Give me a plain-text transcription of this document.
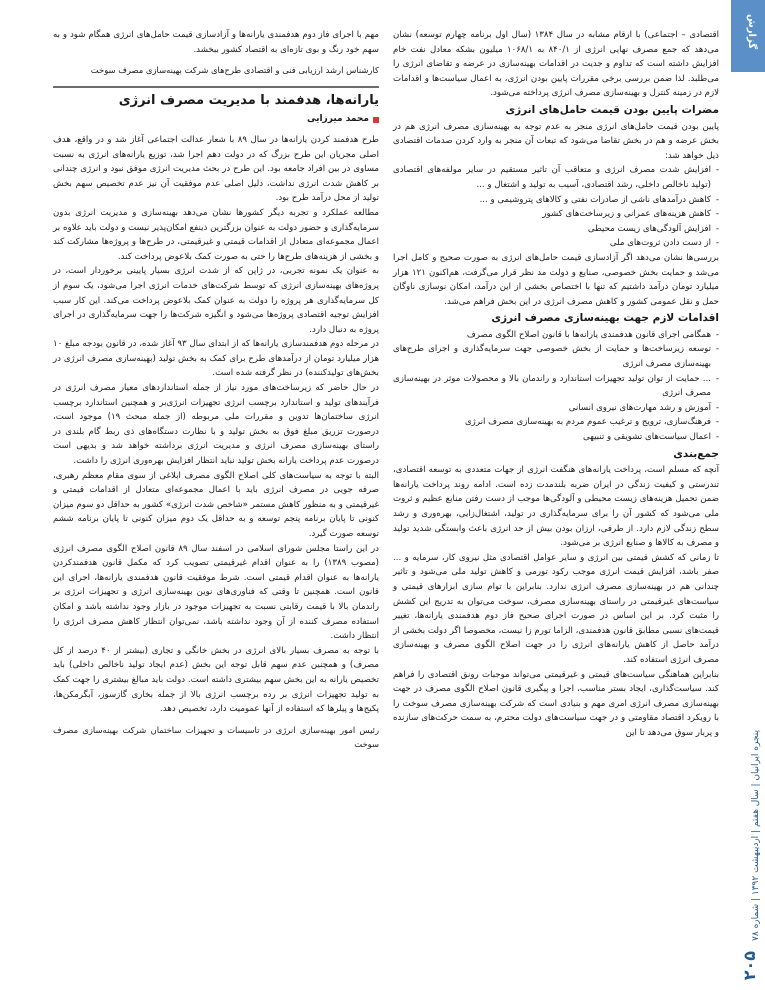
گزارش
پنجره ایرانیان | سال هفتم | اردیبهشت ۱۳۹۲ | شماره ۷۸
۲۰۵

اقتصادی – اجتماعی) با ارقام مشابه در سال ۱۳۸۴ (سال اول برنامه چهارم توسعه) نشان می‌دهد که جمع مصرف نهایی انرژی از ۸۴۰/۱ به ۱۰۶۸/۱ میلیون بشکه معادل نفت خام افزایش داشته است که تداوم و جدیت در اقدامات بهینه‌سازی در عرضه و تقاضای انرژی را می‌طلبد. لذا ضمن بررسی برخی مقررات پایین بودن انرژی، به اعمال سیاست‌ها و اقدامات لازم در زمینه کنترل و بهینه‌سازی مصرف انرژی پرداخته می‌شود.

مضرات پایین بودن قیمت حامل‌های انرژی

پایین بودن قیمت حامل‌های انرژی منجر به عدم توجه به بهینه‌سازی مصرف انرژی هم در بخش عرضه و هم در بخش تقاضا می‌شود که تبعات آن منجر به وارد کردن صدمات اقتصادی ذیل خواهد شد:

- افزایش شدت مصرف انرژی و متعاقب آن تاثیر مستقیم در سایر مولفه‌های اقتصادی (تولید ناخالص داخلی، رشد اقتصادی، آسیب به تولید و اشتغال و ...
- کاهش درآمدهای ناشی از صادرات نفتی و کالاهای پتروشیمی و ...
- کاهش هزینه‌های عمرانی و زیرساخت‌های کشور
- افزایش آلودگی‌های زیست محیطی
- از دست دادن ثروت‌های ملی

بررسی‌ها نشان می‌دهد اگر آزادسازی قیمت حامل‌های انرژی به صورت صحیح و کامل اجرا می‌شد و حمایت بخش خصوصی، صنایع و دولت مد نظر قرار می‌گرفت، هم‌اکنون ۱۲۱ هزار میلیارد تومان درآمد داشتیم که تنها با اختصاص بخشی از این درآمد، امکان نوسازی ناوگان حمل و نقل عمومی کشور و کاهش مصرف انرژی در این بخش فراهم می‌شد.

اقدامات لازم جهت بهینه‌سازی مصرف انرژی
- همگامی اجرای قانون هدفمندی یارانه‌ها با قانون اصلاح الگوی مصرف
- توسعه زیرساخت‌ها و حمایت از بخش خصوصی جهت سرمایه‌گذاری و اجرای طرح‌های بهینه‌سازی مصرف انرژی
- ... حمایت از توان تولید تجهیزات استاندارد و راندمان بالا و محصولات موثر در بهینه‌سازی مصرف انرژی
- آموزش و رشد مهارت‌های نیروی انسانی
- فرهنگ‌سازی، ترویج و ترغیب عموم مردم به بهینه‌سازی مصرف انرژی
- اعمال سیاست‌های تشویقی و تنبیهی
جمع‌بندی

آنچه که مسلم است، پرداخت یارانه‌های هنگفت انرژی از جهات متعددی به توسعه اقتصادی، تندرستی و کیفیت زندگی در ایران ضربه بلندمدت زده است. ادامه روند پرداخت یارانه‌ها ضمن تحمیل هزینه‌های زیست محیطی و آلودگی‌ها موجب از دست رفتن منابع عظیم و ثروت ملی می‌شود که کشور آن را برای سرمایه‌گذاری در تولید، اشتغال‌زایی، بهره‌وری و رشد سطح زندگی لازم دارد. از طرفی، ارزان بودن بیش از حد انرژی باعث وابستگی شدید تولید و مصرف به کالاها و صنایع انرژی بر می‌شود.

تا زمانی که کشش قیمتی بین انرژی و سایر عوامل اقتصادی مثل نیروی کار، سرمایه و ... صفر باشد، افزایش قیمت انرژی موجب رکود تورمی و کاهش تولید ملی می‌شود و تاثیر چندانی هم در بهینه‌سازی مصرف انرژی ندارد. بنابراین با توام سازی ابزارهای قیمتی و سیاست‌های غیرقیمتی در راستای بهینه‌سازی مصرف، سوخت می‌توان به تدریج این کشش را مثبت کرد. بر این اساس در صورت اجرای صحیح فاز دوم هدفمندی یارانه‌ها، تغییر قیمت‌های نسبی مطابق قانون هدفمندی، الزاما تورم زا نیست، مخصوصا اگر دولت بخشی از درآمد حاصل از کاهش یارانه‌های انرژی را در جهت اصلاح الگوی مصرف و بهینه‌سازی مصرف انرژی استفاده کند.

بنابراین هماهنگی سیاست‌های قیمتی و غیرقیمتی می‌تواند موجبات رونق اقتصادی را فراهم کند. سیاست‌گذاری، ایجاد بستر مناسب، اجرا و پیگیری قانون اصلاح الگوی مصرف در جهت بهینه‌سازی مصرف انرژی امری مهم و بنیادی است که شرکت بهینه‌سازی مصرف سوخت را با رویکرد اقتصاد مقاومتی و در جهت سیاست‌های دولت محترم، به سمت حرکت‌های سازنده و پربار سوق می‌دهد تا این

مهم با اجرای فاز دوم هدفمندی یارانه‌ها و آزادسازی قیمت حامل‌های انرژی همگام شود و به سهم خود رنگ و بوی تازه‌ای به اقتصاد کشور ببخشد.

کارشناس ارشد ارزیابی فنی و اقتصادی طرح‌های شرکت بهینه‌سازی مصرف سوخت

یارانه‌ها، هدفمند با مدیریت مصرف انرژی
محمد میرزایی

طرح هدفمند کردن یارانه‌ها در سال ۸۹ با شعار عدالت اجتماعی آغاز شد و در واقع، هدف اصلی مجریان این طرح بزرگ که در دولت دهم اجرا شد، توزیع یارانه‌های انرژی به نسبت مساوی در بین افراد جامعه بود. این طرح در بحث مدیریت انرژی موفق نبود و انرژی چندانی بر کاهش شدت انرژی نداشت، دلیل اصلی عدم موفقیت آن نیز عدم تخصیص سهم بخش تولید از محل درآمد طرح بود.

مطالعه عملکرد و تجربه دیگر کشورها نشان می‌دهد بهینه‌سازی و مدیریت انرژی بدون سرمایه‌گذاری و حضور دولت به عنوان بزرگترین ذینفع امکان‌پذیر نیست و دولت باید علاوه بر اعمال مجموعه‌ای متعادل از اقدامات قیمتی و غیرقیمتی، در طرح‌ها و پروژه‌ها مشارکت کند و بخشی از هزینه‌های طرح‌ها را حتی به صورت کمک بلاعوض پرداخت کند.

به عنوان یک نمونه تجربی، در ژاپن که از شدت انرژی بسیار پایینی برخوردار است، در پروژه‌های بهینه‌سازی انرژی که توسط شرکت‌های خدمات انرژی اجرا می‌شود، یک سوم از کل سرمایه‌گذاری هر پروژه را دولت به عنوان کمک بلاعوض پرداخت می‌کند. این کار سبب افزایش توجیه اقتصادی پروژه‌ها می‌شود و انگیزه شرکت‌ها را جهت سرمایه‌گذاری در اجرای پروژه به دنبال دارد.

در مرحله دوم هدفمندسازی یارانه‌ها که از ابتدای سال ۹۳ آغاز شده، در قانون بودجه مبلغ ۱۰ هزار میلیارد تومان از درآمدهای طرح برای کمک به بخش تولید (بهینه‌سازی مصرف انرژی در بخش‌های تولیدکننده) در نظر گرفته شده است.

در حال حاضر که زیرساخت‌های مورد نیاز از جمله استانداردهای معیار مصرف انرژی در فرآیندهای تولید و استاندارد برچسب انرژی تجهیزات انرژی‌بر و همچنین استاندارد برچسب انرژی ساختمان‌ها تدوین و مقررات ملی مربوطه (از جمله مبحث ۱۹) موجود است، درصورت تزریق مبلغ فوق به بخش تولید و با نظارت دستگاه‌های ذی ربط گام بلندی در راستای بهینه‌سازی مصرف انرژی و مدیریت انرژی برداشته خواهد شد و بدیهی است درصورت عدم پرداخت یارانه بخش تولید نباید انتظار افزایش بهره‌وری انرژی را داشت.

البته با توجه به سیاست‌های کلی اصلاح الگوی مصرف ابلاغی از سوی مقام معظم رهبری، صرفه جویی در مصرف انرژی باید با اعمال مجموعه‌ای متعادل از اقدامات قیمتی و غیرقیمتی و به منظور کاهش مستمر «شاخص شدت انرژی» کشور به حداقل دو سوم میزان کنونی تا پایان برنامه پنجم توسعه و به حداقل یک دوم میزان کنونی تا پایان برنامه ششم توسعه صورت گیرد.

در این راستا مجلس شورای اسلامی در اسفند سال ۸۹ قانون اصلاح الگوی مصرف انرژی (مصوب ۱۳۸۹) را به عنوان اقدام غیرقیمتی تصویب کرد که مکمل قانون هدفمندکردن یارانه‌ها به عنوان اقدام قیمتی است. شرط موفقیت قانون هدفمندی یارانه‌ها، اجرای این قانون است. همچنین تا وقتی که فناوری‌های نوین بهینه‌سازی انرژی و تجهیزات انرژی بر راندمان بالا با قیمت رقابتی نسبت به تجهیزات موجود در بازار وجود نداشته باشد و امکان استفاده مصرف کننده از آن وجود نداشته باشد، نمی‌توان انتظار کاهش مصرف انرژی را انتظار داشت.

با توجه به مصرف بسیار بالای انرژی در بخش خانگی و تجاری (بیشتر از ۴۰ درصد از کل مصرف) و همچنین عدم سهم قابل توجه این بخش (عدم ایجاد تولید ناخالص داخلی) باید تخصیص یارانه به این بخش سهم بیشتری داشته است. دولت باید مبالغ بیشتری را جهت کمک به تولید تجهیزات انرژی بر رده برچسب انرژی بالا از جمله بخاری گازسوز، آبگرمکن‌ها، پکیج‌ها و پیلرها که استفاده از آنها عمومیت دارد، تخصیص دهد.

رئیس امور بهینه‌سازی انرژی در تاسیسات و تجهیزات ساختمان شرکت بهینه‌سازی مصرف سوخت
